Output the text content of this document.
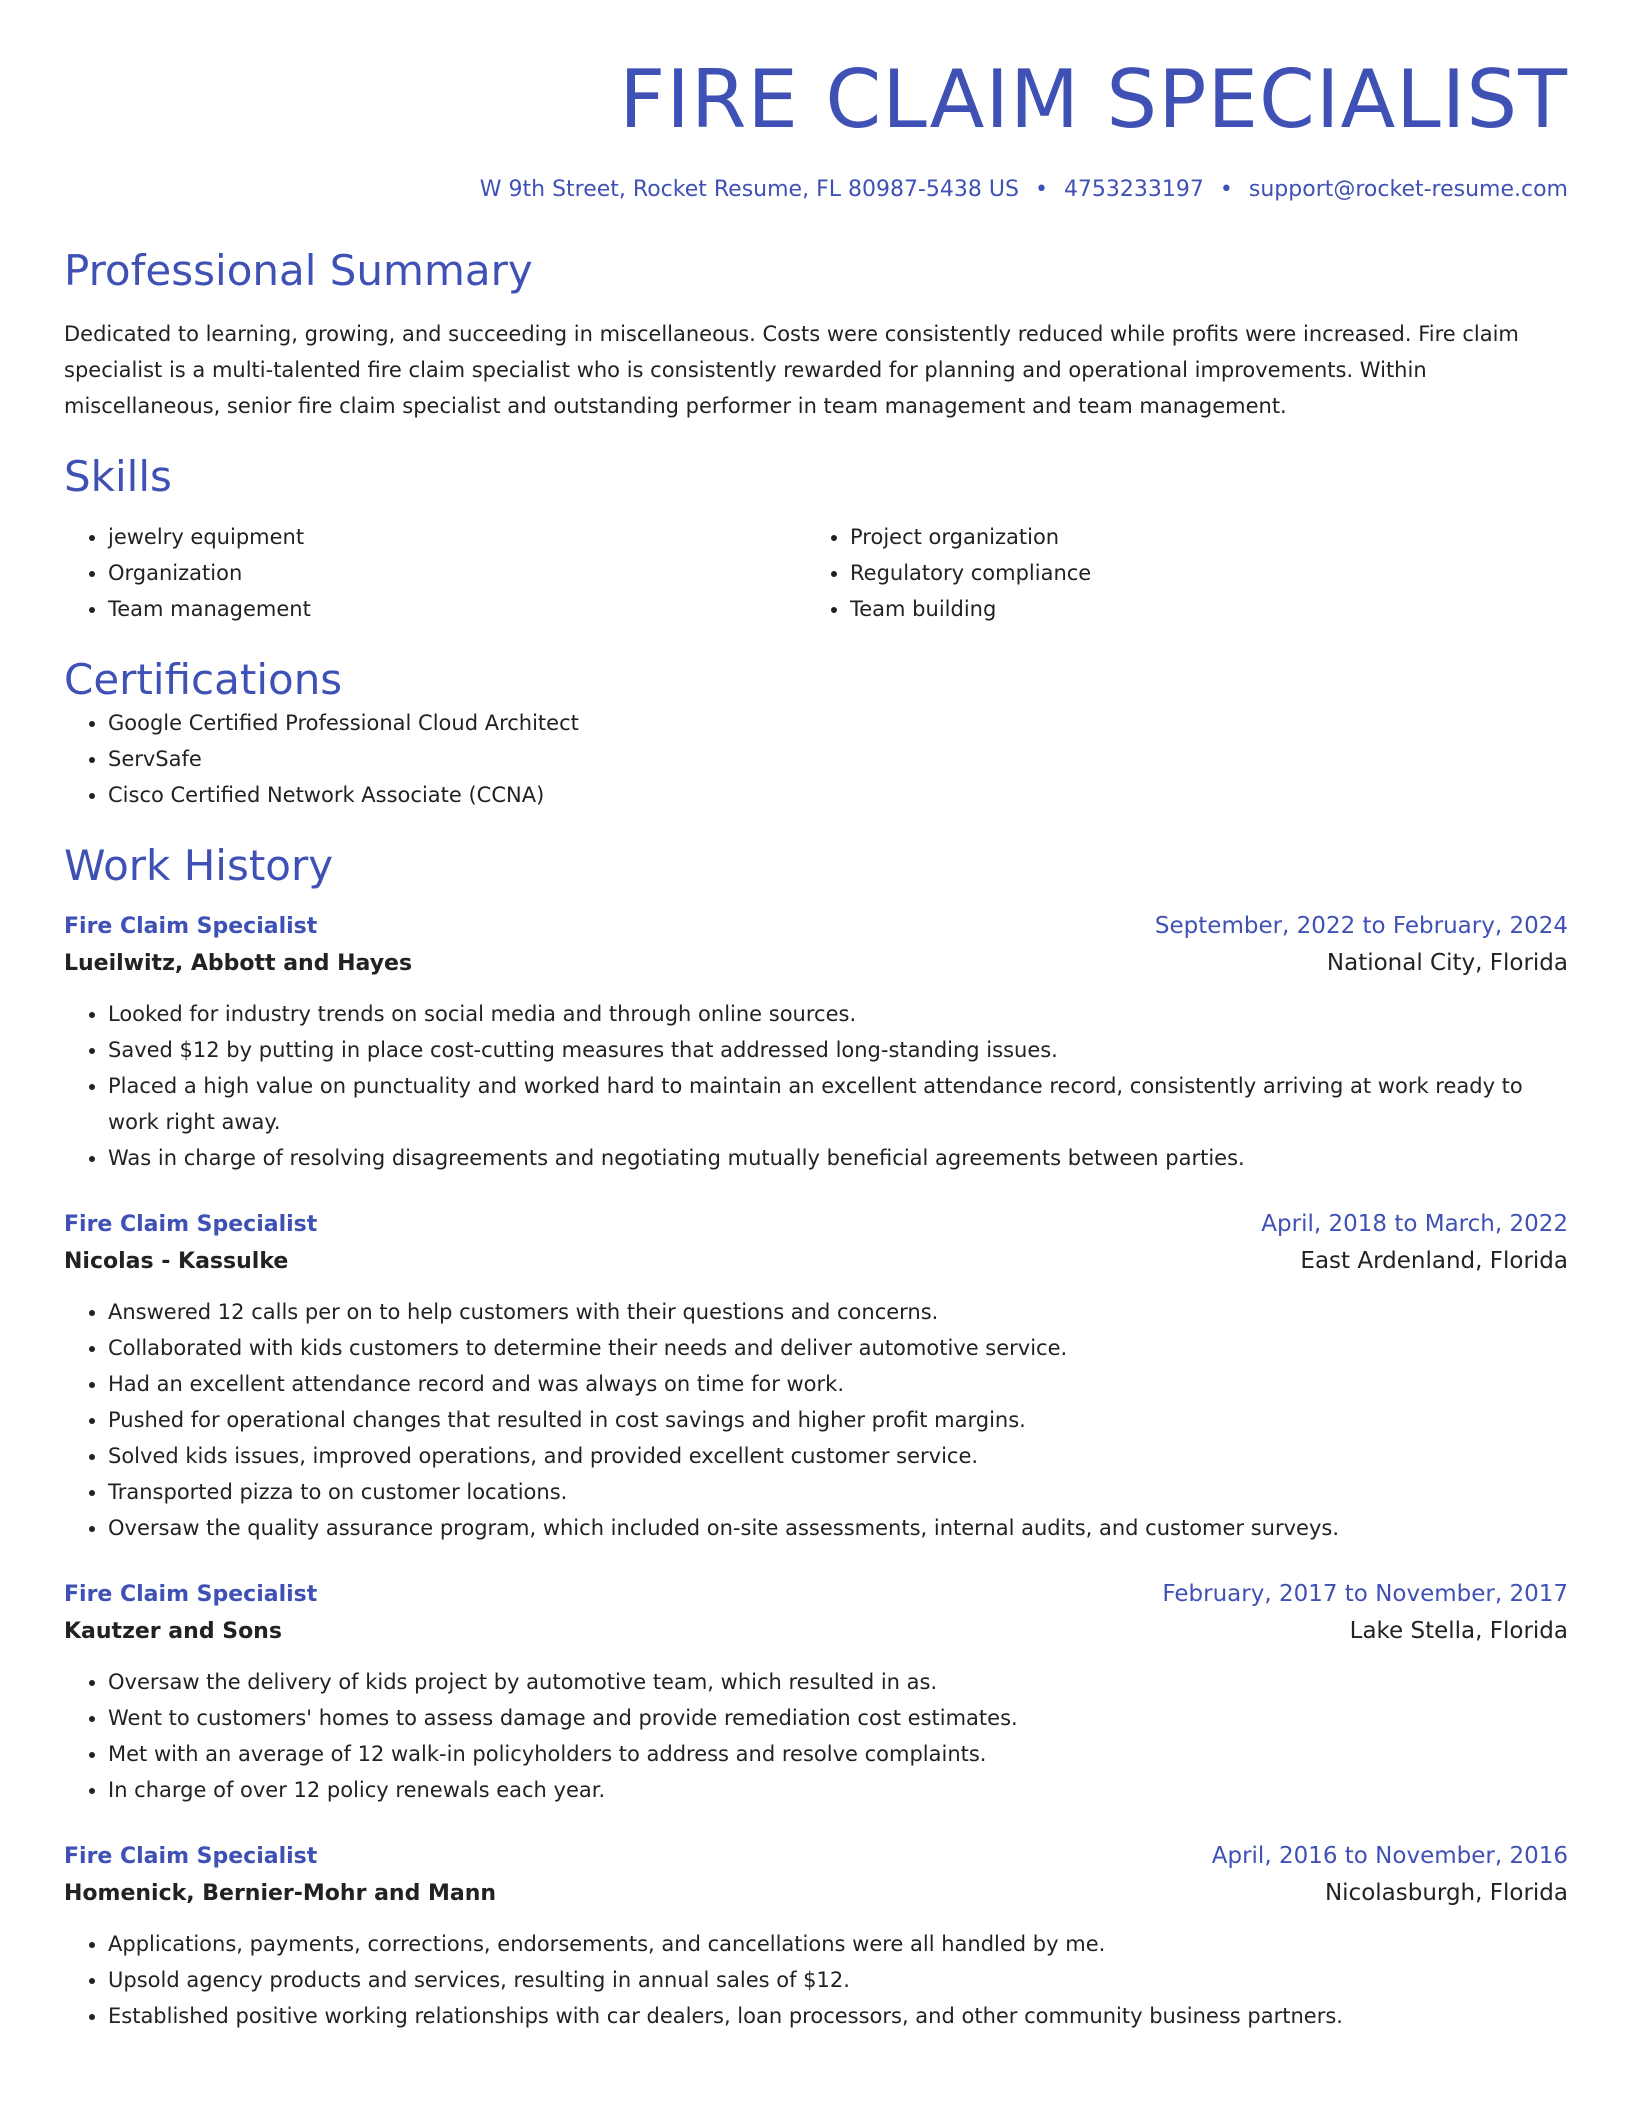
FIRE CLAIM SPECIALIST
W 9th Street, Rocket Resume, FL 80987-5438 US • 4753233197 • support@rocket-resume.com
Professional Summary
Dedicated to learning, growing, and succeeding in miscellaneous. Costs were consistently reduced while profits were increased. Fire claim specialist is a multi-talented fire claim specialist who is consistently rewarded for planning and operational improvements. Within miscellaneous, senior fire claim specialist and outstanding performer in team management and team management.
Skills
• jewelry equipment
• Organization
• Team management
• Project organization
• Regulatory compliance
• Team building
Certifications
• Google Certified Professional Cloud Architect
• ServSafe
• Cisco Certified Network Associate (CCNA)
Work History
Fire Claim Specialist	September, 2022 to February, 2024
Lueilwitz, Abbott and Hayes	National City, Florida
• Looked for industry trends on social media and through online sources.
• Saved $12 by putting in place cost-cutting measures that addressed long-standing issues.
• Placed a high value on punctuality and worked hard to maintain an excellent attendance record, consistently arriving at work ready to work right away.
• Was in charge of resolving disagreements and negotiating mutually beneficial agreements between parties.
Fire Claim Specialist	April, 2018 to March, 2022
Nicolas - Kassulke	East Ardenland, Florida
• Answered 12 calls per on to help customers with their questions and concerns.
• Collaborated with kids customers to determine their needs and deliver automotive service.
• Had an excellent attendance record and was always on time for work.
• Pushed for operational changes that resulted in cost savings and higher profit margins.
• Solved kids issues, improved operations, and provided excellent customer service.
• Transported pizza to on customer locations.
• Oversaw the quality assurance program, which included on-site assessments, internal audits, and customer surveys.
Fire Claim Specialist	February, 2017 to November, 2017
Kautzer and Sons	Lake Stella, Florida
• Oversaw the delivery of kids project by automotive team, which resulted in as.
• Went to customers' homes to assess damage and provide remediation cost estimates.
• Met with an average of 12 walk-in policyholders to address and resolve complaints.
• In charge of over 12 policy renewals each year.
Fire Claim Specialist	April, 2016 to November, 2016
Homenick, Bernier-Mohr and Mann	Nicolasburgh, Florida
• Applications, payments, corrections, endorsements, and cancellations were all handled by me.
• Upsold agency products and services, resulting in annual sales of $12.
• Established positive working relationships with car dealers, loan processors, and other community business partners.
